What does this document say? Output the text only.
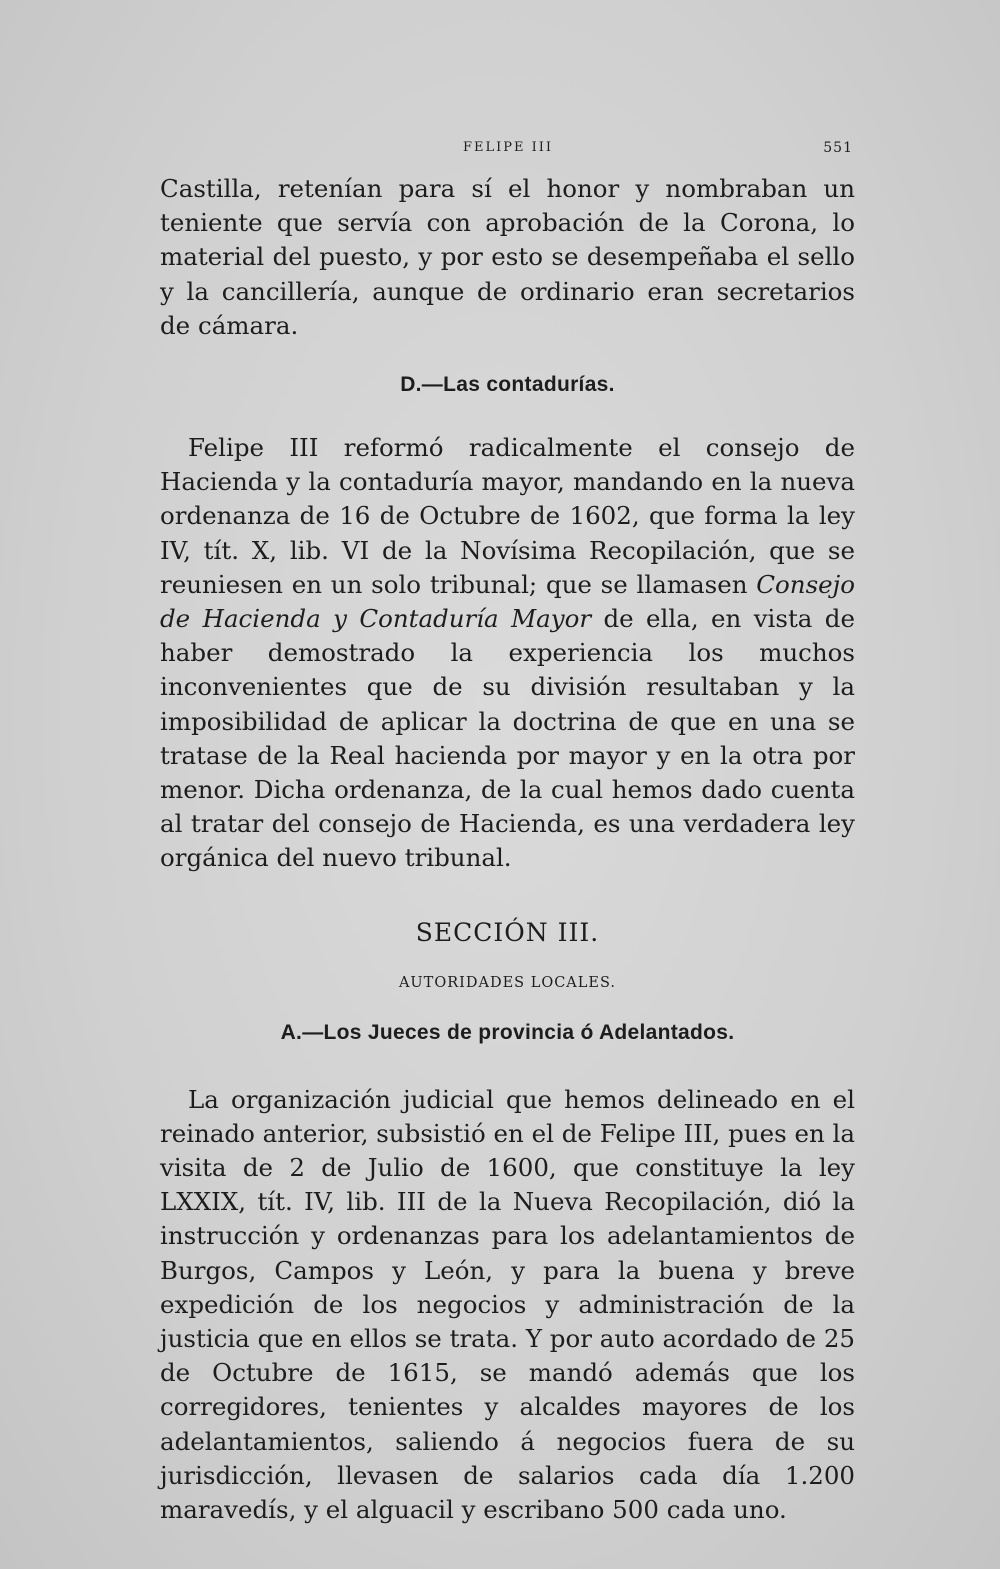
FELIPE III	551

Castilla, retenían para sí el honor y nombraban un teniente que servía con aprobación de la Corona, lo material del puesto, y por esto se desempeñaba el sello y la cancillería, aunque de ordinario eran secretarios de cámara.

D.—Las contadurías.

Felipe III reformó radicalmente el consejo de Hacienda y la contaduría mayor, mandando en la nueva ordenanza de 16 de Octubre de 1602, que forma la ley IV, tít. X, lib. VI de la Novísima Recopilación, que se reuniesen en un solo tribunal; que se llamasen Consejo de Hacienda y Contaduría Mayor de ella, en vista de haber demostrado la experiencia los muchos inconvenientes que de su división resultaban y la imposibilidad de aplicar la doctrina de que en una se tratase de la Real hacienda por mayor y en la otra por menor. Dicha ordenanza, de la cual hemos dado cuenta al tratar del consejo de Hacienda, es una verdadera ley orgánica del nuevo tribunal.

SECCIÓN III.

AUTORIDADES LOCALES.

A.—Los Jueces de provincia ó Adelantados.

La organización judicial que hemos delineado en el reinado anterior, subsistió en el de Felipe III, pues en la visita de 2 de Julio de 1600, que constituye la ley LXXIX, tít. IV, lib. III de la Nueva Recopilación, dió la instrucción y ordenanzas para los adelantamientos de Burgos, Campos y León, y para la buena y breve expedición de los negocios y administración de la justicia que en ellos se trata. Y por auto acordado de 25 de Octubre de 1615, se mandó además que los corregidores, tenientes y alcaldes mayores de los adelantamientos, saliendo á negocios fuera de su jurisdicción, llevasen de salarios cada día 1.200 maravedís, y el alguacil y escribano 500 cada uno.
